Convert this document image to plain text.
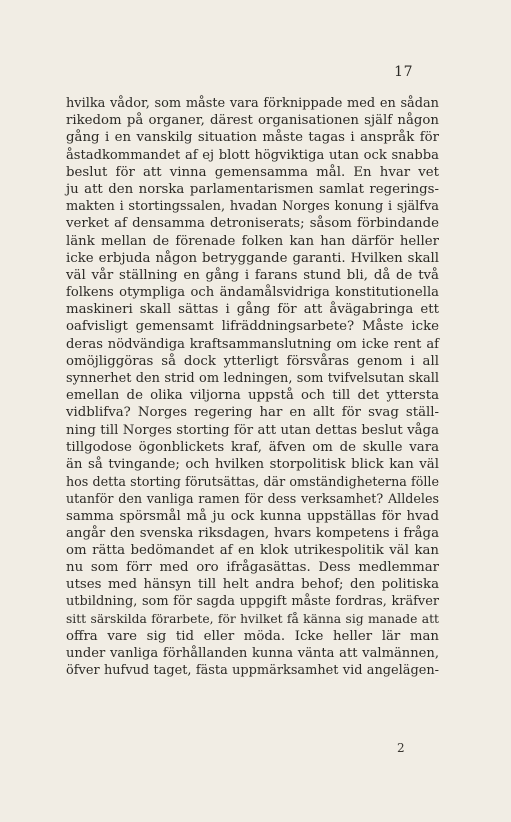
17
hvilka vådor, som måste vara förknippade med en sådan
rikedom på organer, därest organisationen själf någon
gång i en vanskilg situation måste tagas i anspråk för
åstadkommandet af ej blott högviktiga utan ock snabba
beslut för att vinna gemensamma mål. En hvar vet
ju att den norska parlamentarismen samlat regerings-
makten i stortingssalen, hvadan Norges konung i själfva
verket af densamma detroniserats; såsom förbindande
länk mellan de förenade folken kan han därför heller
icke erbjuda någon betryggande garanti. Hvilken skall
väl vår ställning en gång i farans stund bli, då de två
folkens otympliga och ändamålsvidriga konstitutionella
maskineri skall sättas i gång för att åvägabringa ett
oafvisligt gemensamt lifräddningsarbete? Måste icke
deras nödvändiga kraftsammanslutning om icke rent af
omöjliggöras så dock ytterligt försvåras genom i all
synnerhet den strid om ledningen, som tvifvelsutan skall
emellan de olika viljorna uppstå och till det yttersta
vidblifva? Norges regering har en allt för svag ställ-
ning till Norges storting för att utan dettas beslut våga
tillgodose ögonblickets kraf, äfven om de skulle vara
än så tvingande; och hvilken storpolitisk blick kan väl
hos detta storting förutsättas, där omständigheterna fölle
utanför den vanliga ramen för dess verksamhet? Alldeles
samma spörsmål må ju ock kunna uppställas för hvad
angår den svenska riksdagen, hvars kompetens i fråga
om rätta bedömandet af en klok utrikespolitik väl kan
nu som förr med oro ifrågasättas. Dess medlemmar
utses med hänsyn till helt andra behof; den politiska
utbildning, som för sagda uppgift måste fordras, kräfver
sitt särskilda förarbete, för hvilket få känna sig manade att
offra vare sig tid eller möda. Icke heller lär man
under vanliga förhållanden kunna vänta att valmännen,
öfver hufvud taget, fästa uppmärksamhet vid angelägen-
2
